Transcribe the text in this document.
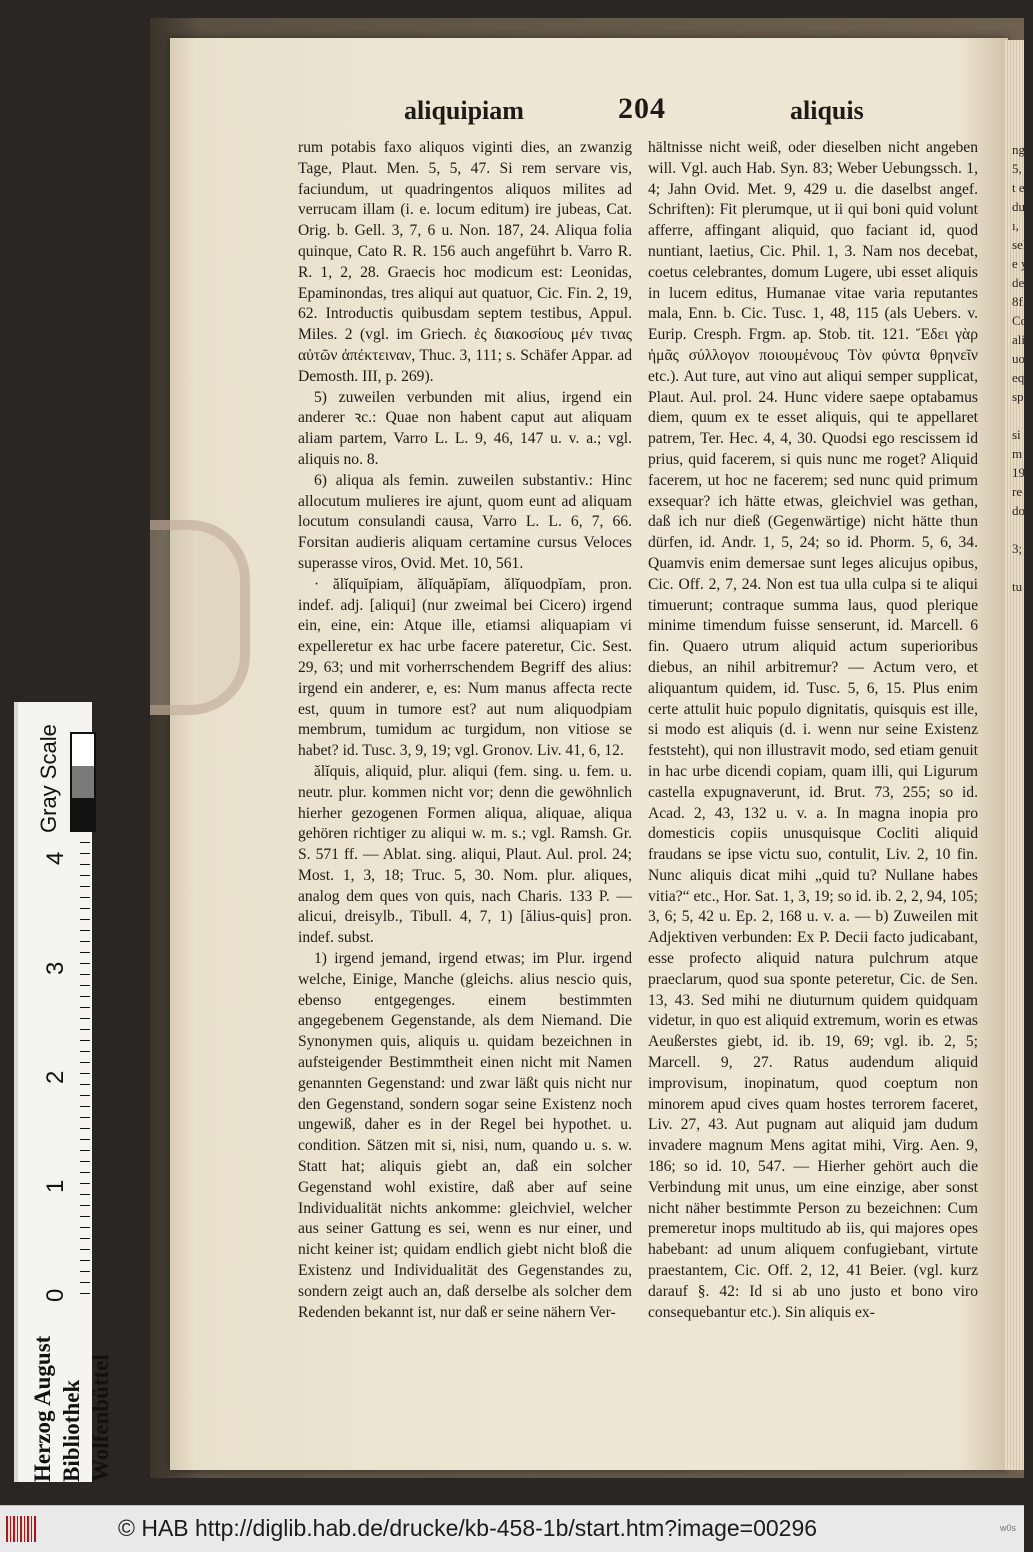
ng.
5,
t e
du
ı,
sel
e y
de
8f.
Coe
alig
uo
equ
sp

si
m
19
re
do

3;

tu
aliquipiam	204	aliquis

rum potabis faxo aliquos viginti dies, an zwanzig Tage, Plaut. Men. 5, 5, 47. Si rem servare vis, faciundum, ut quadringentos aliquos milites ad verrucam illam (i. e. locum editum) ire jubeas, Cat. Orig. b. Gell. 3, 7, 6 u. Non. 187, 24. Aliqua folia quinque, Cato R. R. 156 auch angeführt b. Varro R. R. 1, 2, 28. Graecis hoc modicum est: Leonidas, Epaminondas, tres aliqui aut quatuor, Cic. Fin. 2, 19, 62. Introductis quibusdam septem testibus, Appul. Miles. 2 (vgl. im Griech. ἐς διακοσίους μέν τινας αὐτῶν ἀπέκτειναν, Thuc. 3, 111; s. Schäfer Appar. ad Demosth. III, p. 269).

5) zuweilen verbunden mit alius, irgend ein anderer ꝛc.: Quae non habent caput aut aliquam aliam partem, Varro L. L. 9, 46, 147 u. v. a.; vgl. aliquis no. 8.

6) aliqua als femin. zuweilen substantiv.: Hinc allocutum mulieres ire ajunt, quom eunt ad aliquam locutum consulandi causa, Varro L. L. 6, 7, 66. Forsitan audieris aliquam certamine cursus Veloces superasse viros, Ovid. Met. 10, 561.

· ălĭquĭpiam, ălĭquăpĭam, ălĭquodpĭam, pron. indef. adj. [aliqui] (nur zweimal bei Cicero) irgend ein, eine, ein: Atque ille, etiamsi aliquapiam vi expelleretur ex hac urbe facere pateretur, Cic. Sest. 29, 63; und mit vorherrschendem Begriff des alius: irgend ein anderer, e, es: Num manus affecta recte est, quum in tumore est? aut num aliquodpiam membrum, tumidum ac turgidum, non vitiose se habet? id. Tusc. 3, 9, 19; vgl. Gronov. Liv. 41, 6, 12.

ălĭquis, aliquid, plur. aliqui (fem. sing. u. fem. u. neutr. plur. kommen nicht vor; denn die gewöhnlich hierher gezogenen Formen aliqua, aliquae, aliqua gehören richtiger zu aliqui w. m. s.; vgl. Ramsh. Gr. S. 571 ff. — Ablat. sing. aliqui, Plaut. Aul. prol. 24; Most. 1, 3, 18; Truc. 5, 30. Nom. plur. aliques, analog dem ques von quis, nach Charis. 133 P. — alicui, dreisylb., Tibull. 4, 7, 1) [ălius-quis] pron. indef. subst.

1) irgend jemand, irgend etwas; im Plur. irgend welche, Einige, Manche (gleichs. alius nescio quis, ebenso entgegenges. einem bestimmten angegebenem Gegenstande, als dem Niemand. Die Synonymen quis, aliquis u. quidam bezeichnen in aufsteigender Bestimmtheit einen nicht mit Namen genannten Gegenstand: und zwar läßt quis nicht nur den Gegenstand, sondern sogar seine Existenz noch ungewiß, daher es in der Regel bei hypothet. u. condition. Sätzen mit si, nisi, num, quando u. s. w. Statt hat; aliquis giebt an, daß ein solcher Gegenstand wohl existire, daß aber auf seine Individualität nichts ankomme: gleichviel, welcher aus seiner Gattung es sei, wenn es nur einer, und nicht keiner ist; quidam endlich giebt nicht bloß die Existenz und Individualität des Gegenstandes zu, sondern zeigt auch an, daß derselbe als solcher dem Redenden bekannt ist, nur daß er seine nähern Ver-

hältnisse nicht weiß, oder dieselben nicht angeben will. Vgl. auch Hab. Syn. 83; Weber Uebungssch. 1, 4; Jahn Ovid. Met. 9, 429 u. die daselbst angef. Schriften): Fit plerumque, ut ii qui boni quid volunt afferre, affingant aliquid, quo faciant id, quod nuntiant, laetius, Cic. Phil. 1, 3. Nam nos decebat, coetus celebrantes, domum Lugere, ubi esset aliquis in lucem editus, Humanae vitae varia reputantes mala, Enn. b. Cic. Tusc. 1, 48, 115 (als Uebers. v. Eurip. Cresph. Frgm. ap. Stob. tit. 121. Ἔδει γὰρ ἡμᾶς σύλλογον ποιουμένους Τὸν φύντα θρηνεῖν etc.). Aut ture, aut vino aut aliqui semper supplicat, Plaut. Aul. prol. 24. Hunc videre saepe optabamus diem, quum ex te esset aliquis, qui te appellaret patrem, Ter. Hec. 4, 4, 30. Quodsi ego rescissem id prius, quid facerem, si quis nunc me roget? Aliquid facerem, ut hoc ne facerem; sed nunc quid primum exsequar? ich hätte etwas, gleichviel was gethan, daß ich nur dieß (Gegenwärtige) nicht hätte thun dürfen, id. Andr. 1, 5, 24; so id. Phorm. 5, 6, 34. Quamvis enim demersae sunt leges alicujus opibus, Cic. Off. 2, 7, 24. Non est tua ulla culpa si te aliqui timuerunt; contraque summa laus, quod plerique minime timendum fuisse senserunt, id. Marcell. 6 fin. Quaero utrum aliquid actum superioribus diebus, an nihil arbitremur? — Actum vero, et aliquantum quidem, id. Tusc. 5, 6, 15. Plus enim certe attulit huic populo dignitatis, quisquis est ille, si modo est aliquis (d. i. wenn nur seine Existenz feststeht), qui non illustravit modo, sed etiam genuit in hac urbe dicendi copiam, quam illi, qui Ligurum castella expugnaverunt, id. Brut. 73, 255; so id. Acad. 2, 43, 132 u. v. a. In magna inopia pro domesticis copiis unusquisque Cocliti aliquid fraudans se ipse victu suo, contulit, Liv. 2, 10 fin. Nunc aliquis dicat mihi „quid tu? Nullane habes vitia?“ etc., Hor. Sat. 1, 3, 19; so id. ib. 2, 2, 94, 105; 3, 6; 5, 42 u. Ep. 2, 168 u. v. a. — b) Zuweilen mit Adjektiven verbunden: Ex P. Decii facto judicabant, esse profecto aliquid natura pulchrum atque praeclarum, quod sua sponte peteretur, Cic. de Sen. 13, 43. Sed mihi ne diuturnum quidem quidquam videtur, in quo est aliquid extremum, worin es etwas Aeußerstes giebt, id. ib. 19, 69; vgl. ib. 2, 5; Marcell. 9, 27. Ratus audendum aliquid improvisum, inopinatum, quod coeptum non minorem apud cives quam hostes terrorem faceret, Liv. 27, 43. Aut pugnam aut aliquid jam dudum invadere magnum Mens agitat mihi, Virg. Aen. 9, 186; so id. 10, 547. — Hierher gehört auch die Verbindung mit unus, um eine einzige, aber sonst nicht näher bestimmte Person zu bezeichnen: Cum premeretur inops multitudo ab iis, qui majores opes habebant: ad unum aliquem confugiebant, virtute praestantem, Cic. Off. 2, 12, 41 Beier. (vgl. kurz darauf §. 42: Id si ab uno justo et bono viro consequebantur etc.). Sin aliquis ex-

Gray Scale
0
1
2
3
4
Herzog August Bibliothek Wolfenbüttel
© HAB http://diglib.hab.de/drucke/kb-458-1b/start.htm?image=00296	w0s
